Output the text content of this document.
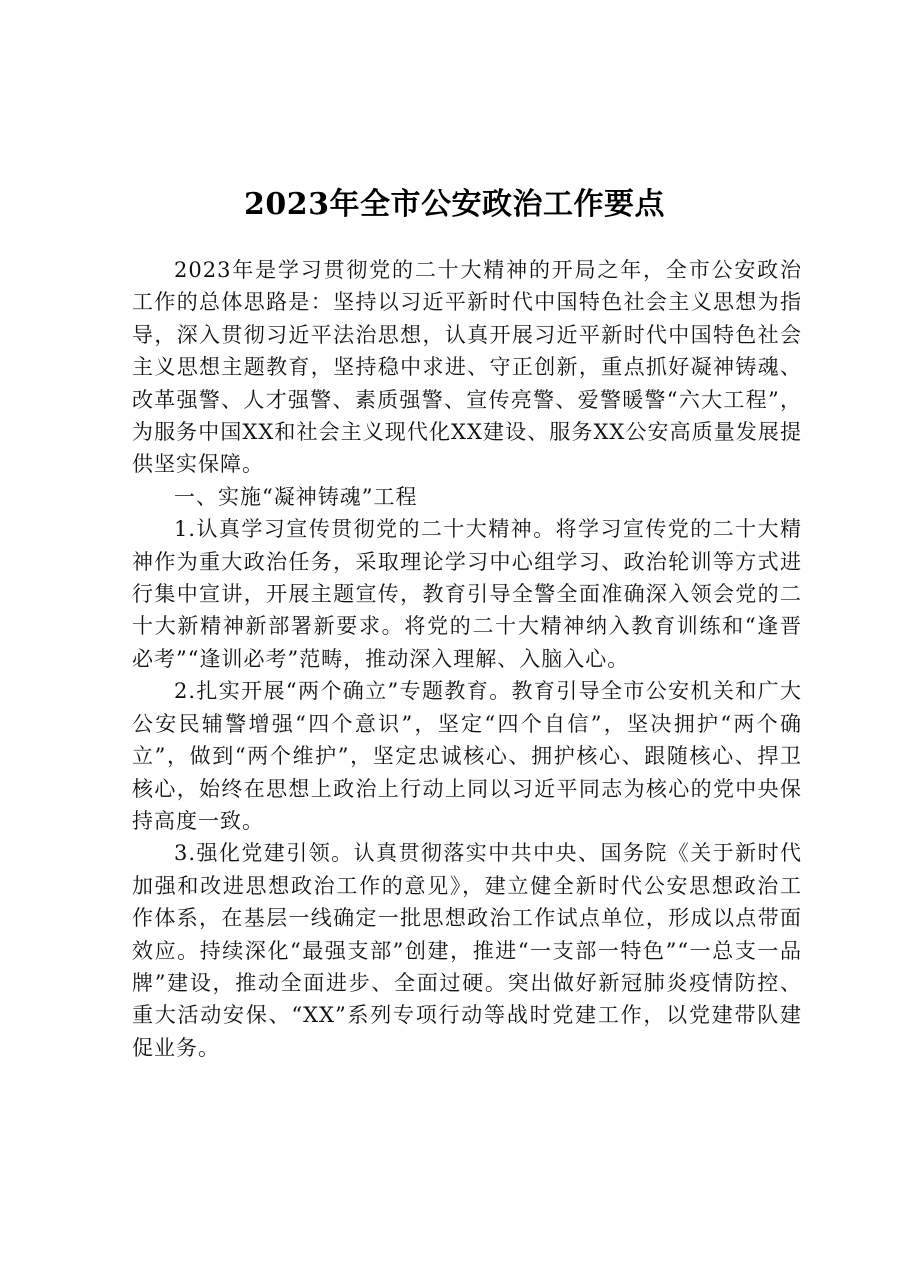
2023年全市公安政治工作要点

2023年是学习贯彻党的二十大精神的开局之年，全市公安政治工作的总体思路是：坚持以习近平新时代中国特色社会主义思想为指导，深入贯彻习近平法治思想，认真开展习近平新时代中国特色社会主义思想主题教育，坚持稳中求进、守正创新，重点抓好凝神铸魂、改革强警、人才强警、素质强警、宣传亮警、爱警暖警“六大工程”，为服务中国XX和社会主义现代化XX建设、服务XX公安高质量发展提供坚实保障。

一、实施“凝神铸魂”工程

1.认真学习宣传贯彻党的二十大精神。将学习宣传党的二十大精神作为重大政治任务，采取理论学习中心组学习、政治轮训等方式进行集中宣讲，开展主题宣传，教育引导全警全面准确深入领会党的二十大新精神新部署新要求。将党的二十大精神纳入教育训练和“逢晋必考”“逢训必考”范畴，推动深入理解、入脑入心。

2.扎实开展“两个确立”专题教育。教育引导全市公安机关和广大公安民辅警增强“四个意识”，坚定“四个自信”，坚决拥护“两个确立”，做到“两个维护”，坚定忠诚核心、拥护核心、跟随核心、捍卫核心，始终在思想上政治上行动上同以习近平同志为核心的党中央保持高度一致。

3.强化党建引领。认真贯彻落实中共中央、国务院《关于新时代加强和改进思想政治工作的意见》，建立健全新时代公安思想政治工作体系，在基层一线确定一批思想政治工作试点单位，形成以点带面效应。持续深化“最强支部”创建，推进“一支部一特色”“一总支一品牌”建设，推动全面进步、全面过硬。突出做好新冠肺炎疫情防控、重大活动安保、“XX”系列专项行动等战时党建工作，以党建带队建促业务。
